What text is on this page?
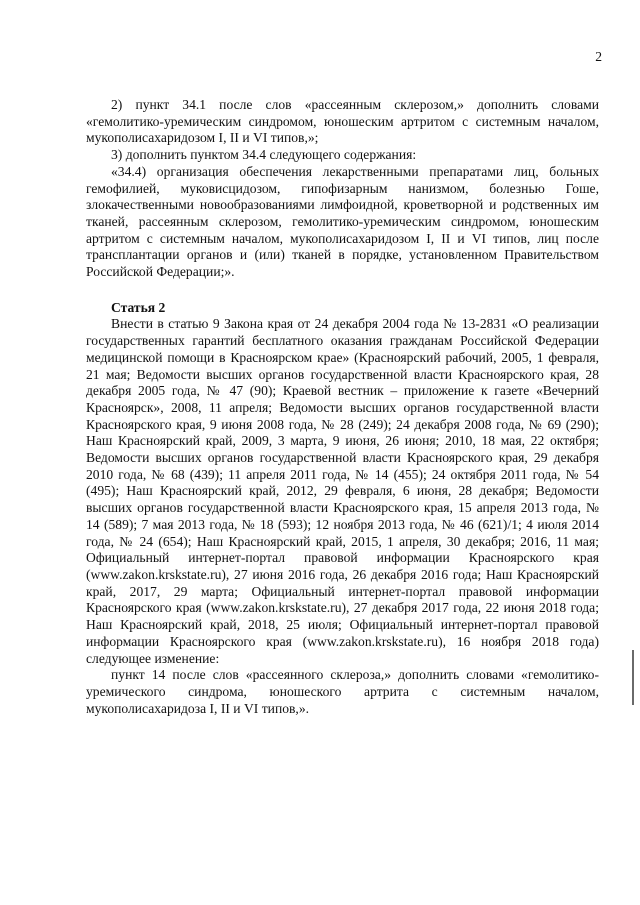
2

2) пункт 34.1 после слов «рассеянным склерозом,» дополнить словами «гемолитико-уремическим синдромом, юношеским артритом с системным началом, мукополисахаридозом I, II и VI типов,»;

3) дополнить пунктом 34.4 следующего содержания:

«34.4) организация обеспечения лекарственными препаратами лиц, больных гемофилией, муковисцидозом, гипофизарным нанизмом, болезнью Гоше, злокачественными новообразованиями лимфоидной, кроветворной и родственных им тканей, рассеянным склерозом, гемолитико-уремическим синдромом, юношеским артритом с системным началом, мукополисахаридозом I, II и VI типов, лиц после трансплантации органов и (или) тканей в порядке, установленном Правительством Российской Федерации;».

Статья 2

Внести в статью 9 Закона края от 24 декабря 2004 года № 13-2831 «О реализации государственных гарантий бесплатного оказания гражданам Российской Федерации медицинской помощи в Красноярском крае» (Красноярский рабочий, 2005, 1 февраля, 21 мая; Ведомости высших органов государственной власти Красноярского края, 28 декабря 2005 года, № 47 (90); Краевой вестник – приложение к газете «Вечерний Красноярск», 2008, 11 апреля; Ведомости высших органов государственной власти Красноярского края, 9 июня 2008 года, № 28 (249); 24 декабря 2008 года, № 69 (290); Наш Красноярский край, 2009, 3 марта, 9 июня, 26 июня; 2010, 18 мая, 22 октября; Ведомости высших органов государственной власти Красноярского края, 29 декабря 2010 года, № 68 (439); 11 апреля 2011 года, № 14 (455); 24 октября 2011 года, № 54 (495); Наш Красноярский край, 2012, 29 февраля, 6 июня, 28 декабря; Ведомости высших органов государственной власти Красноярского края, 15 апреля 2013 года, № 14 (589); 7 мая 2013 года, № 18 (593); 12 ноября 2013 года, № 46 (621)/1; 4 июля 2014 года, № 24 (654); Наш Красноярский край, 2015, 1 апреля, 30 декабря; 2016, 11 мая; Официальный интернет-портал правовой информации Красноярского края (www.zakon.krskstate.ru), 27 июня 2016 года, 26 декабря 2016 года; Наш Красноярский край, 2017, 29 марта; Официальный интернет-портал правовой информации Красноярского края (www.zakon.krskstate.ru), 27 декабря 2017 года, 22 июня 2018 года; Наш Красноярский край, 2018, 25 июля; Официальный интернет-портал правовой информации Красноярского края (www.zakon.krskstate.ru), 16 ноября 2018 года) следующее изменение:

пункт 14 после слов «рассеянного склероза,» дополнить словами «гемолитико-уремического синдрома, юношеского артрита с системным началом, мукополисахаридоза I, II и VI типов,».
